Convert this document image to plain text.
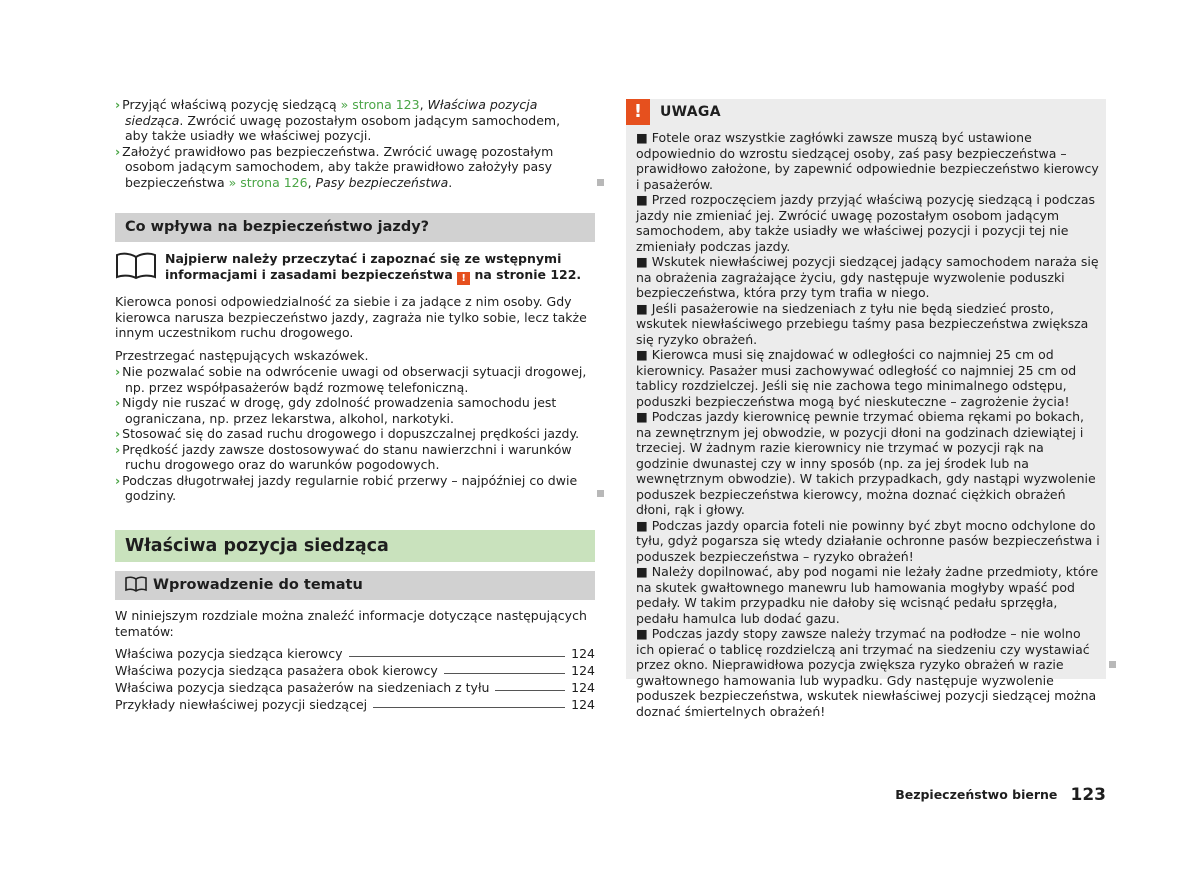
› Przyjąć właściwą pozycję siedzącą » strona 123, Właściwa pozycja siedząca. Zwrócić uwagę pozostałym osobom jadącym samochodem, aby także usiadły we właściwej pozycji.

› Założyć prawidłowo pas bezpieczeństwa. Zwrócić uwagę pozostałym osobom jadącym samochodem, aby także prawidłowo założyły pasy bezpieczeństwa » strona 126, Pasy bezpieczeństwa.

Co wpływa na bezpieczeństwo jazdy?

Najpierw należy przeczytać i zapoznać się ze wstępnymi informacjami i zasadami bezpieczeństwa ! na stronie 122.

Kierowca ponosi odpowiedzialność za siebie i za jadące z nim osoby. Gdy kierowca narusza bezpieczeństwo jazdy, zagraża nie tylko sobie, lecz także innym uczestnikom ruchu drogowego.

Przestrzegać następujących wskazówek.

› Nie pozwalać sobie na odwrócenie uwagi od obserwacji sytuacji drogowej, np. przez współpasażerów bądź rozmowę telefoniczną.

› Nigdy nie ruszać w drogę, gdy zdolność prowadzenia samochodu jest ograniczana, np. przez lekarstwa, alkohol, narkotyki.

› Stosować się do zasad ruchu drogowego i dopuszczalnej prędkości jazdy.

› Prędkość jazdy zawsze dostosowywać do stanu nawierzchni i warunków ruchu drogowego oraz do warunków pogodowych.

› Podczas długotrwałej jazdy regularnie robić przerwy – najpóźniej co dwie godziny.

Właściwa pozycja siedząca
Wprowadzenie do tematu

W niniejszym rozdziale można znaleźć informacje dotyczące następujących tematów:

Właściwa pozycja siedząca kierowcy	124
Właściwa pozycja siedząca pasażera obok kierowcy	124
Właściwa pozycja siedząca pasażerów na siedzeniach z tyłu	124
Przykłady niewłaściwej pozycji siedzącej	124
!	UWAGA
■ Fotele oraz wszystkie zagłówki zawsze muszą być ustawione odpowiednio do wzrostu siedzącej osoby, zaś pasy bezpieczeństwa – prawidłowo założone, by zapewnić odpowiednie bezpieczeństwo kierowcy i pasażerów.
■ Przed rozpoczęciem jazdy przyjąć właściwą pozycję siedzącą i podczas jazdy nie zmieniać jej. Zwrócić uwagę pozostałym osobom jadącym samochodem, aby także usiadły we właściwej pozycji i pozycji tej nie zmieniały podczas jazdy.
■ Wskutek niewłaściwej pozycji siedzącej jadący samochodem naraża się na obrażenia zagrażające życiu, gdy następuje wyzwolenie poduszki bezpieczeństwa, która przy tym trafia w niego.
■ Jeśli pasażerowie na siedzeniach z tyłu nie będą siedzieć prosto, wskutek niewłaściwego przebiegu taśmy pasa bezpieczeństwa zwiększa się ryzyko obrażeń.
■ Kierowca musi się znajdować w odległości co najmniej 25 cm od kierownicy. Pasażer musi zachowywać odległość co najmniej 25 cm od tablicy rozdzielczej. Jeśli się nie zachowa tego minimalnego odstępu, poduszki bezpieczeństwa mogą być nieskuteczne – zagrożenie życia!
■ Podczas jazdy kierownicę pewnie trzymać obiema rękami po bokach, na zewnętrznym jej obwodzie, w pozycji dłoni na godzinach dziewiątej i trzeciej. W żadnym razie kierownicy nie trzymać w pozycji rąk na godzinie dwunastej czy w inny sposób (np. za jej środek lub na wewnętrznym obwodzie). W takich przypadkach, gdy nastąpi wyzwolenie poduszek bezpieczeństwa kierowcy, można doznać ciężkich obrażeń dłoni, rąk i głowy.
■ Podczas jazdy oparcia foteli nie powinny być zbyt mocno odchylone do tyłu, gdyż pogarsza się wtedy działanie ochronne pasów bezpieczeństwa i poduszek bezpieczeństwa – ryzyko obrażeń!
■ Należy dopilnować, aby pod nogami nie leżały żadne przedmioty, które na skutek gwałtownego manewru lub hamowania mogłyby wpaść pod pedały. W takim przypadku nie dałoby się wcisnąć pedału sprzęgła, pedału hamulca lub dodać gazu.
■ Podczas jazdy stopy zawsze należy trzymać na podłodze – nie wolno ich opierać o tablicę rozdzielczą ani trzymać na siedzeniu czy wystawiać przez okno. Nieprawidłowa pozycja zwiększa ryzyko obrażeń w razie gwałtownego hamowania lub wypadku. Gdy następuje wyzwolenie poduszek bezpieczeństwa, wskutek niewłaściwej pozycji siedzącej można doznać śmiertelnych obrażeń!
Bezpieczeństwo bierne 123
